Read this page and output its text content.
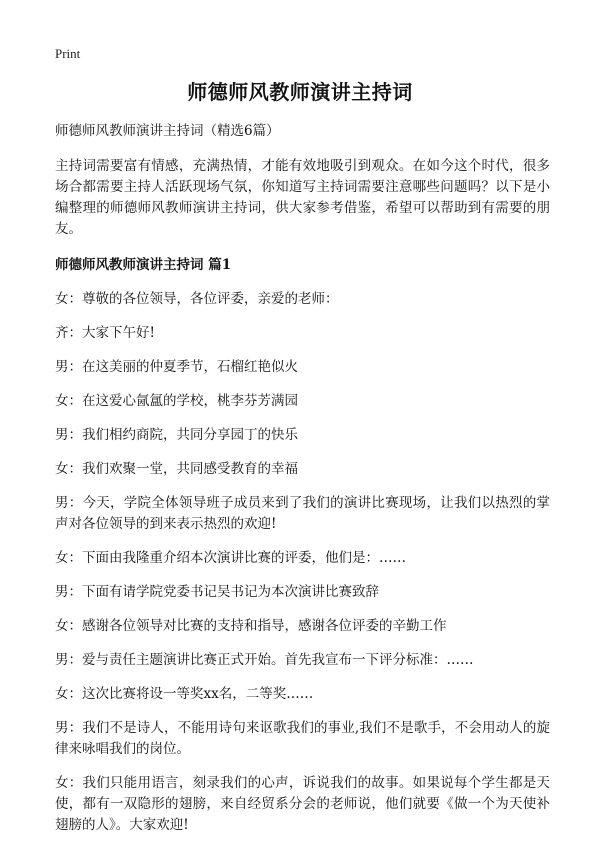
Print
师德师风教师演讲主持词

师德师风教师演讲主持词（精选6篇）

主持词需要富有情感，充满热情，才能有效地吸引到观众。在如今这个时代，很多场合都需要主持人活跃现场气氛，你知道写主持词需要注意哪些问题吗？以下是小编整理的师德师风教师演讲主持词，供大家参考借鉴，希望可以帮助到有需要的朋友。

师德师风教师演讲主持词 篇1

女：尊敬的各位领导，各位评委，亲爱的老师：

齐：大家下午好!

男：在这美丽的仲夏季节，石榴红艳似火

女：在这爱心氤氲的学校，桃李芬芳满园

男：我们相约商院，共同分享园丁的快乐

女：我们欢聚一堂，共同感受教育的幸福

男：今天，学院全体领导班子成员来到了我们的演讲比赛现场，让我们以热烈的掌声对各位领导的到来表示热烈的欢迎!

女：下面由我隆重介绍本次演讲比赛的评委，他们是：……

男：下面有请学院党委书记吴书记为本次演讲比赛致辞

女：感谢各位领导对比赛的支持和指导，感谢各位评委的辛勤工作

男：爱与责任主题演讲比赛正式开始。首先我宣布一下评分标准：……

女：这次比赛将设一等奖xx名，二等奖……

男：我们不是诗人，不能用诗句来讴歌我们的事业,我们不是歌手，不会用动人的旋律来咏唱我们的岗位。

女：我们只能用语言，刻录我们的心声，诉说我们的故事。如果说每个学生都是天使，都有一双隐形的翅膀，来自经贸系分会的老师说，他们就要《做一个为天使补翅膀的人》。大家欢迎!
